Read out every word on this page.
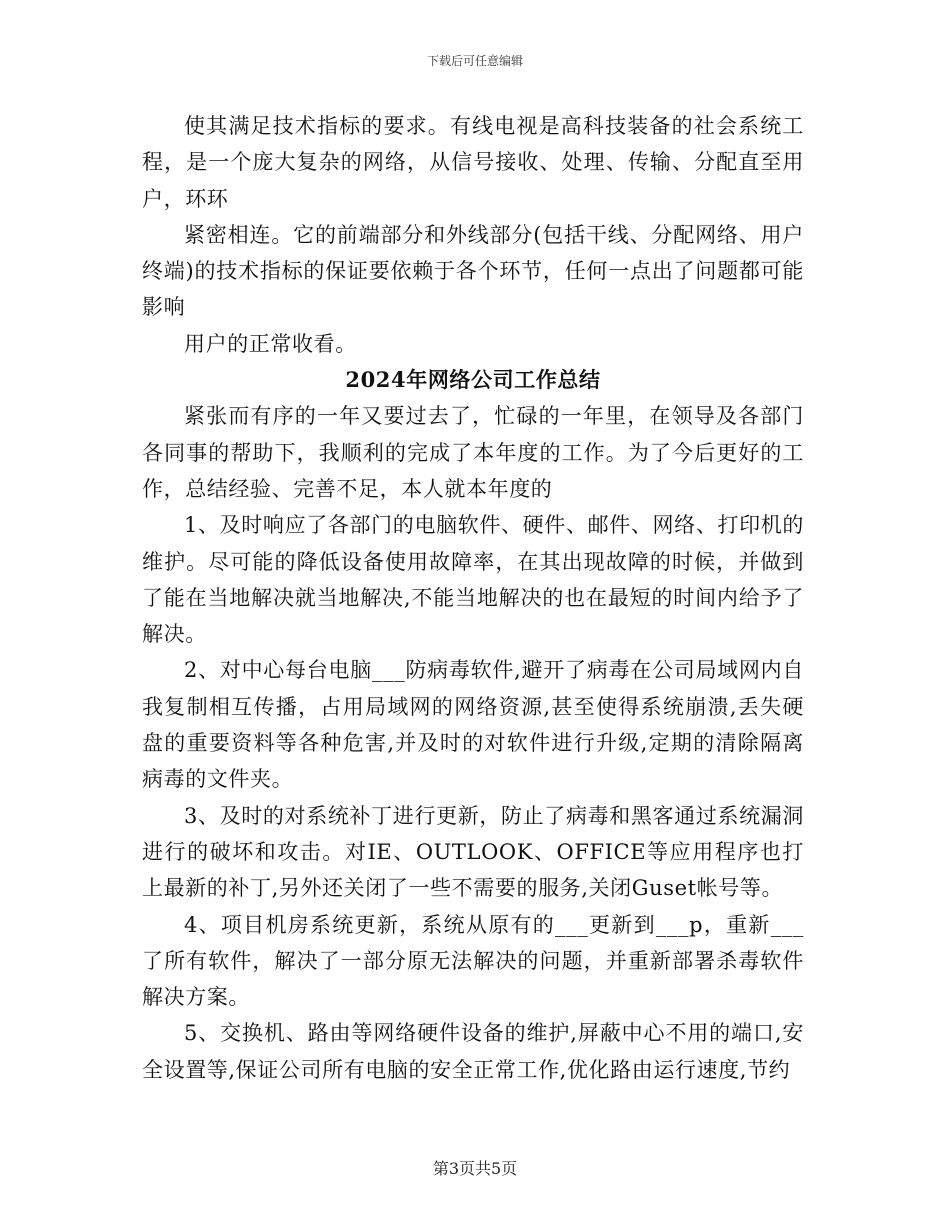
下载后可任意编辑

使其满足技术指标的要求。有线电视是高科技装备的社会系统工程，是一个庞大复杂的网络，从信号接收、处理、传输、分配直至用户，环环

紧密相连。它的前端部分和外线部分(包括干线、分配网络、用户终端)的技术指标的保证要依赖于各个环节，任何一点出了问题都可能影响

用户的正常收看。

2024年网络公司工作总结

紧张而有序的一年又要过去了，忙碌的一年里，在领导及各部门各同事的帮助下，我顺利的完成了本年度的工作。为了今后更好的工作，总结经验、完善不足，本人就本年度的

1、及时响应了各部门的电脑软件、硬件、邮件、网络、打印机的维护。尽可能的降低设备使用故障率，在其出现故障的时候，并做到了能在当地解决就当地解决,不能当地解决的也在最短的时间内给予了解决。

2、对中心每台电脑___防病毒软件,避开了病毒在公司局域网内自我复制相互传播，占用局域网的网络资源,甚至使得系统崩溃,丢失硬盘的重要资料等各种危害,并及时的对软件进行升级,定期的清除隔离病毒的文件夹。

3、及时的对系统补丁进行更新，防止了病毒和黑客通过系统漏洞进行的破坏和攻击。对IE、OUTLOOK、OFFICE等应用程序也打上最新的补丁,另外还关闭了一些不需要的服务,关闭Guset帐号等。

4、项目机房系统更新，系统从原有的___更新到___p，重新___了所有软件，解决了一部分原无法解决的问题，并重新部署杀毒软件解决方案。

5、交换机、路由等网络硬件设备的维护,屏蔽中心不用的端口,安全设置等,保证公司所有电脑的安全正常工作,优化路由运行速度,节约

第3页共5页
